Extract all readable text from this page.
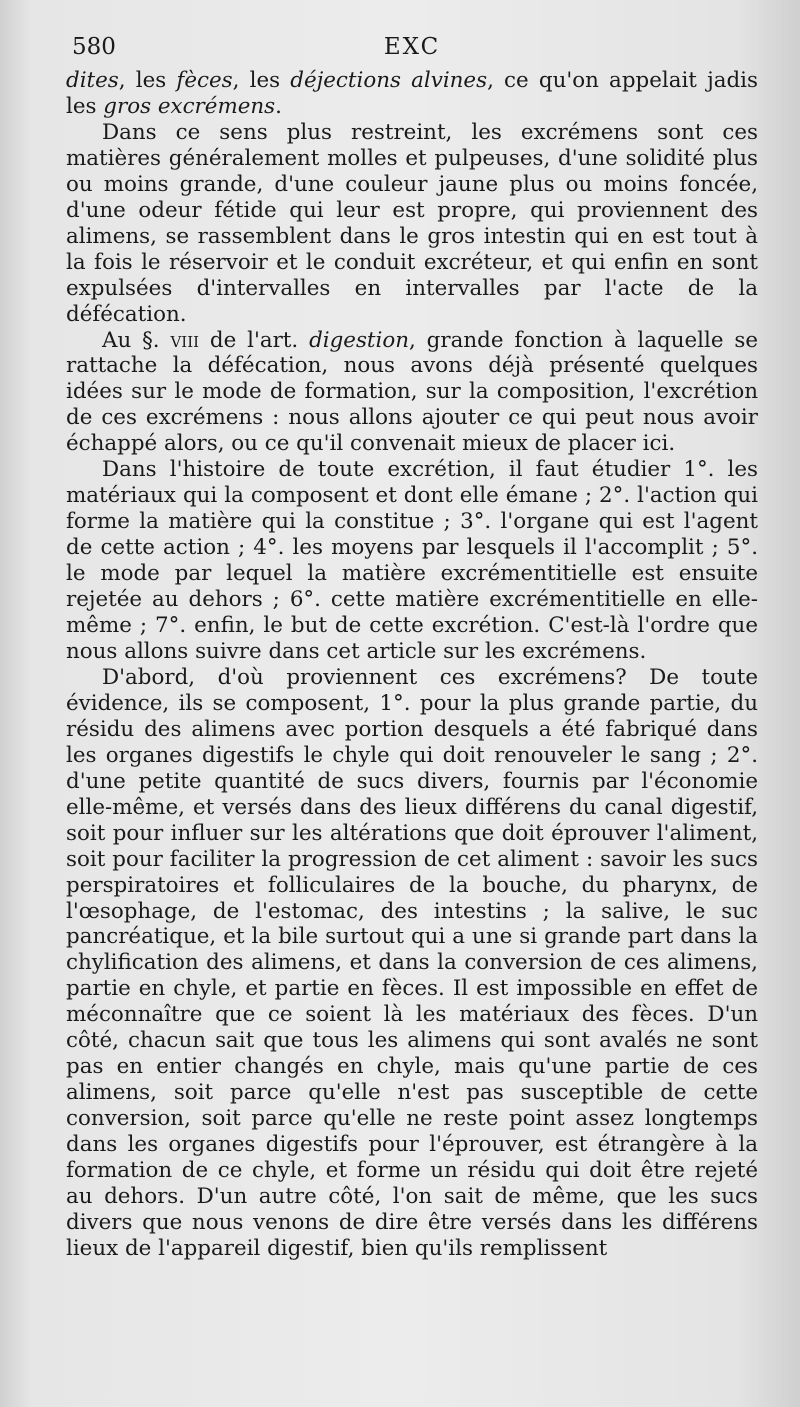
580	EXC

dites, les fèces, les déjections alvines, ce qu'on appelait jadis les gros excrémens.

Dans ce sens plus restreint, les excrémens sont ces matières généralement molles et pulpeuses, d'une solidité plus ou moins grande, d'une couleur jaune plus ou moins foncée, d'une odeur fétide qui leur est propre, qui proviennent des alimens, se rassemblent dans le gros intestin qui en est tout à la fois le réservoir et le conduit excréteur, et qui enfin en sont expulsées d'intervalles en intervalles par l'acte de la défécation.

Au §. viii de l'art. digestion, grande fonction à laquelle se rattache la défécation, nous avons déjà présenté quelques idées sur le mode de formation, sur la composition, l'excrétion de ces excrémens : nous allons ajouter ce qui peut nous avoir échappé alors, ou ce qu'il convenait mieux de placer ici.

Dans l'histoire de toute excrétion, il faut étudier 1°. les matériaux qui la composent et dont elle émane ; 2°. l'action qui forme la matière qui la constitue ; 3°. l'organe qui est l'agent de cette action ; 4°. les moyens par lesquels il l'accomplit ; 5°. le mode par lequel la matière excrémentitielle est ensuite rejetée au dehors ; 6°. cette matière excrémentitielle en elle-même ; 7°. enfin, le but de cette excrétion. C'est-là l'ordre que nous allons suivre dans cet article sur les excrémens.

D'abord, d'où proviennent ces excrémens? De toute évidence, ils se composent, 1°. pour la plus grande partie, du résidu des alimens avec portion desquels a été fabriqué dans les organes digestifs le chyle qui doit renouveler le sang ; 2°. d'une petite quantité de sucs divers, fournis par l'économie elle-même, et versés dans des lieux différens du canal digestif, soit pour influer sur les altérations que doit éprouver l'aliment, soit pour faciliter la progression de cet aliment : savoir les sucs perspiratoires et folliculaires de la bouche, du pharynx, de l'œsophage, de l'estomac, des intestins ; la salive, le suc pancréatique, et la bile surtout qui a une si grande part dans la chylification des alimens, et dans la conversion de ces alimens, partie en chyle, et partie en fèces. Il est impossible en effet de méconnaître que ce soient là les matériaux des fèces. D'un côté, chacun sait que tous les alimens qui sont avalés ne sont pas en entier changés en chyle, mais qu'une partie de ces alimens, soit parce qu'elle n'est pas susceptible de cette conversion, soit parce qu'elle ne reste point assez longtemps dans les organes digestifs pour l'éprouver, est étrangère à la formation de ce chyle, et forme un résidu qui doit être rejeté au dehors. D'un autre côté, l'on sait de même, que les sucs divers que nous venons de dire être versés dans les différens lieux de l'appareil digestif, bien qu'ils remplissent
